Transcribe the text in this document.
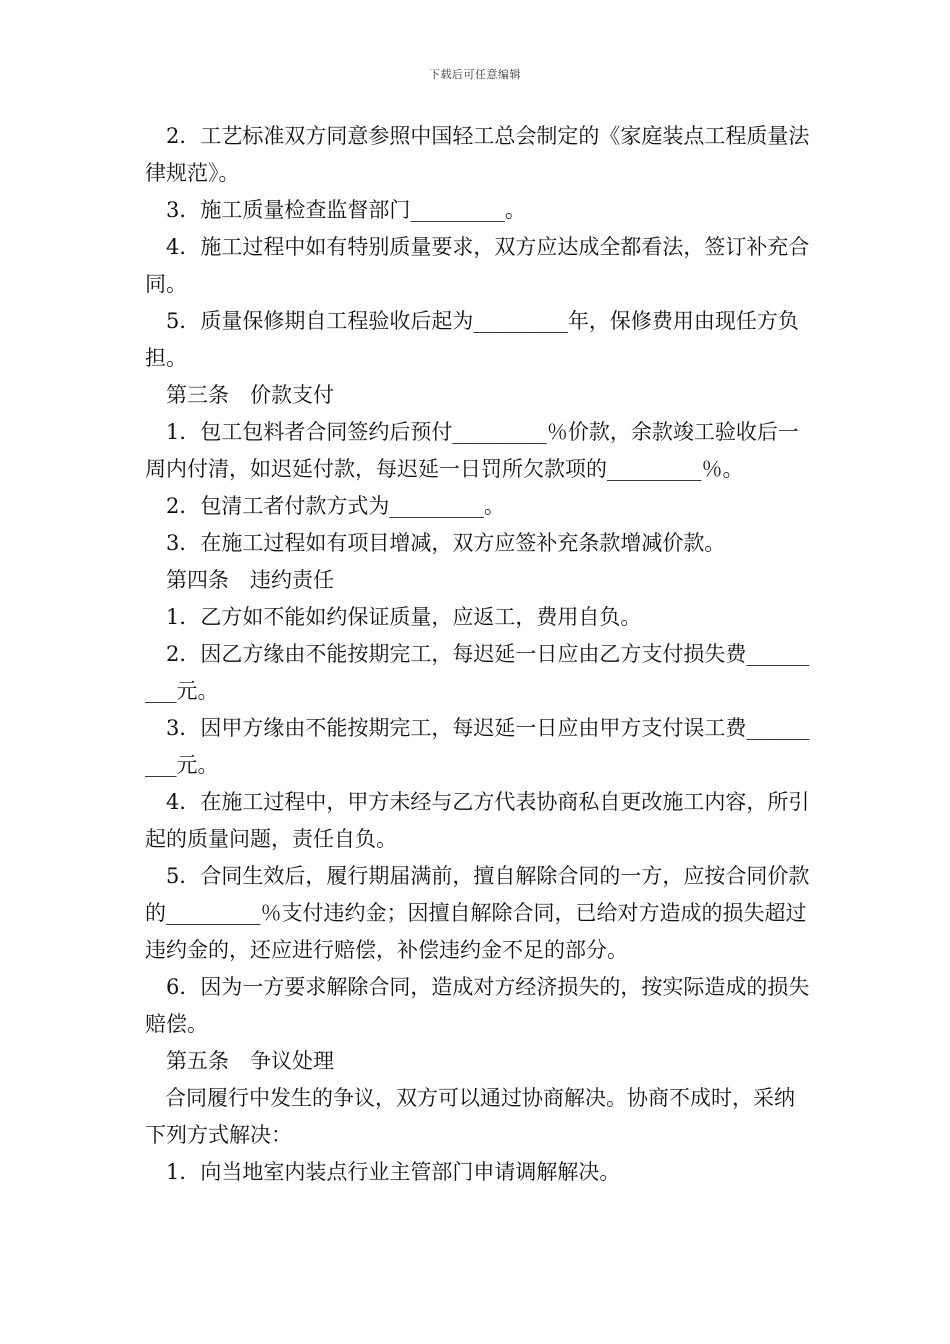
下载后可任意编辑

2．工艺标准双方同意参照中国轻工总会制定的《家庭装点工程质量法律规范》。

3．施工质量检查监督部门_________。

4．施工过程中如有特别质量要求，双方应达成全都看法，签订补充合同。

5．质量保修期自工程验收后起为_________年，保修费用由现任方负担。

第三条　价款支付

1．包工包料者合同签约后预付_________％价款，余款竣工验收后一周内付清，如迟延付款，每迟延一日罚所欠款项的_________％。

2．包清工者付款方式为_________。

3．在施工过程如有项目增减，双方应签补充条款增减价款。

第四条　违约责任

1．乙方如不能如约保证质量，应返工，费用自负。

2．因乙方缘由不能按期完工，每迟延一日应由乙方支付损失费_________元。

3．因甲方缘由不能按期完工，每迟延一日应由甲方支付误工费_________元。

4．在施工过程中，甲方未经与乙方代表协商私自更改施工内容，所引起的质量问题，责任自负。

5．合同生效后，履行期届满前，擅自解除合同的一方，应按合同价款的_________％支付违约金；因擅自解除合同，已给对方造成的损失超过违约金的，还应进行赔偿，补偿违约金不足的部分。

6．因为一方要求解除合同，造成对方经济损失的，按实际造成的损失赔偿。

第五条　争议处理

合同履行中发生的争议，双方可以通过协商解决。协商不成时，采纳下列方式解决：

1．向当地室内装点行业主管部门申请调解解决。
